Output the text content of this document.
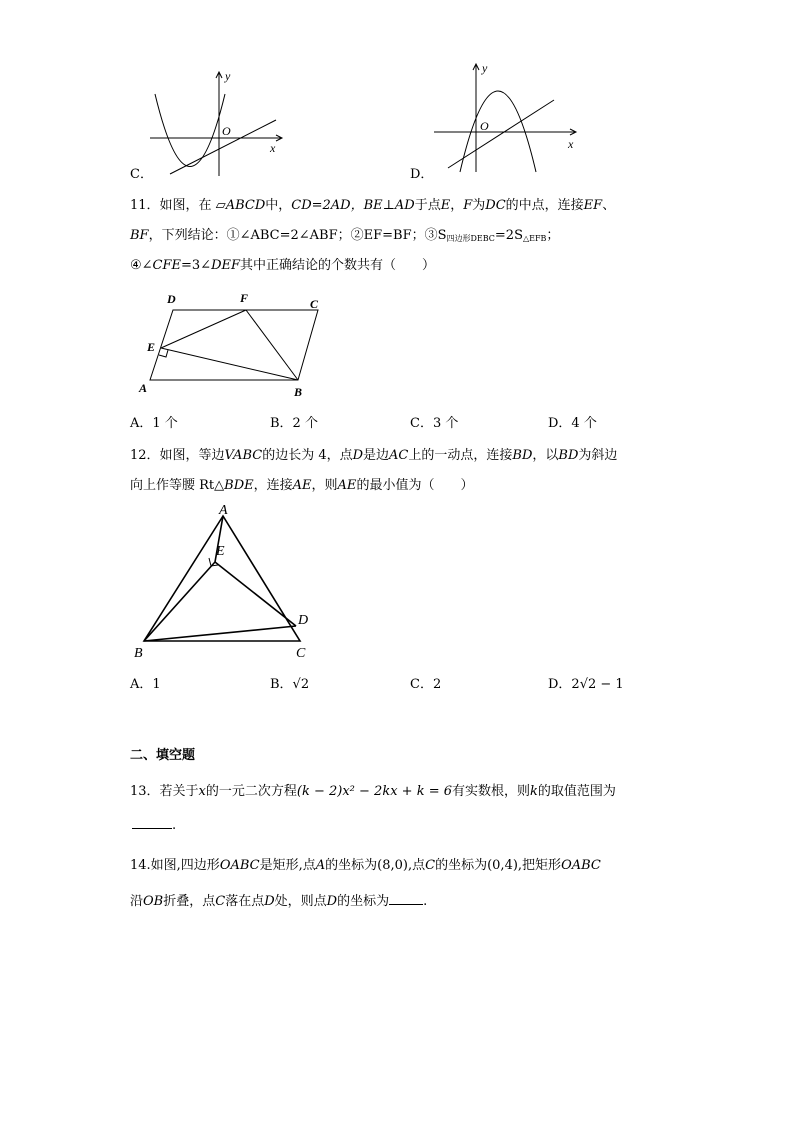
x
y
O
C．
x
y
O
D．
11．如图，在 ▱ABCD中，CD=2AD，BE⊥AD于点E，F为DC的中点，连接EF、
BF，下列结论：①∠ABC=2∠ABF；②EF=BF；$③S_{四边形DEBC}=2S_{\triangle EFB}$；
④∠CFE=3∠DEF其中正确结论的个数共有（　　）
D	F	C
E
A	B
A．1 个	B．2 个	C．3 个	D．4 个
12．如图，等边VABC的边长为 4，点D是边AC上的一动点，连接BD，以BD为斜边
向上作等腰 Rt△BDE，连接AE，则AE的最小值为（　　）
A
E
D
B	C
A．1	B．√2	C．2	D．2√2 − 1
二、填空题
13．若关于x的一元二次方程(k − 2)x² − 2kx + k = 6有实数根，则k的取值范围为
.
14.如图,四边形OABC是矩形,点A的坐标为(8,0),点C的坐标为(0,4),把矩形OABC
沿OB折叠，点C落在点D处，则点D的坐标为	.
